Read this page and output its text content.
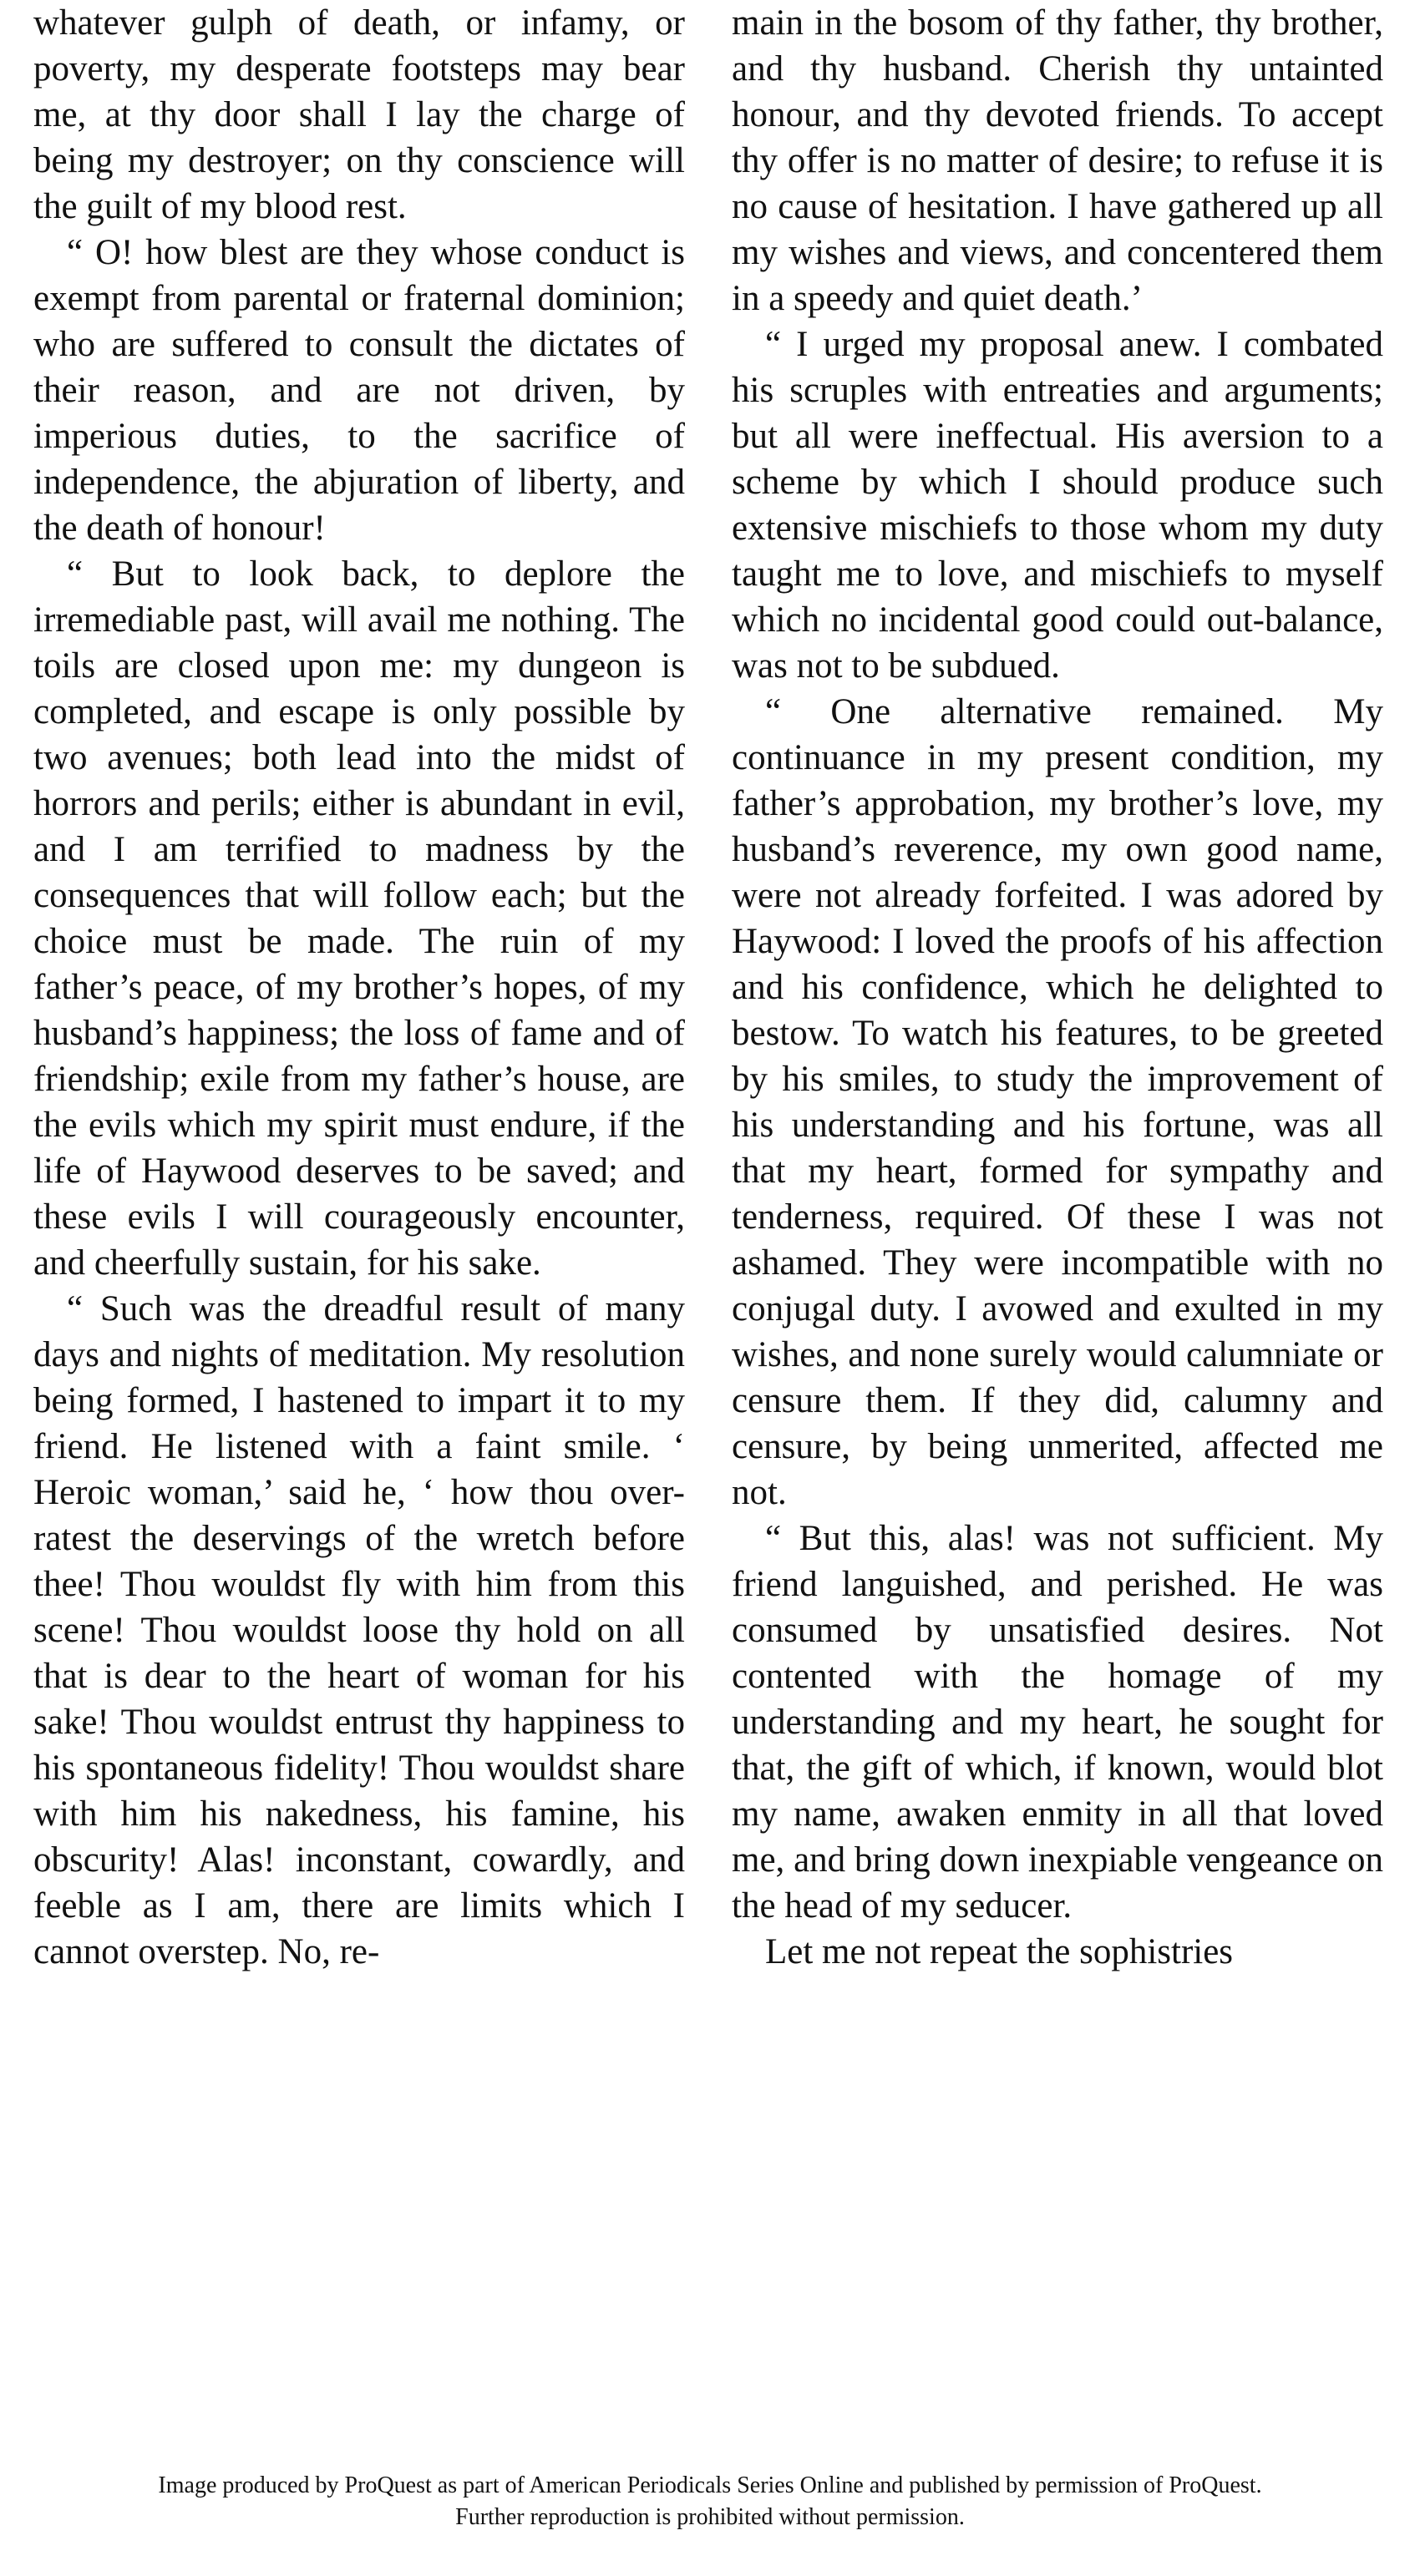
whatever gulph of death, or infamy, or poverty, my desperate footsteps may bear me, at thy door shall I lay the charge of being my destroyer; on thy conscience will the guilt of my blood rest.

“ O! how blest are they whose conduct is exempt from parental or fraternal dominion; who are suffered to consult the dictates of their reason, and are not driven, by imperious duties, to the sacrifice of independence, the abjuration of liberty, and the death of honour!

“ But to look back, to deplore the irremediable past, will avail me nothing. The toils are closed upon me: my dungeon is completed, and escape is only possible by two avenues; both lead into the midst of horrors and perils; either is abundant in evil, and I am terrified to madness by the consequences that will follow each; but the choice must be made. The ruin of my father’s peace, of my brother’s hopes, of my husband’s happiness; the loss of fame and of friendship; exile from my father’s house, are the evils which my spirit must endure, if the life of Haywood deserves to be saved; and these evils I will courageously encounter, and cheerfully sustain, for his sake.

“ Such was the dreadful result of many days and nights of meditation. My resolution being formed, I hastened to impart it to my friend. He listened with a faint smile. ‘ Heroic woman,’ said he, ‘ how thou over-ratest the deservings of the wretch before thee! Thou wouldst fly with him from this scene! Thou wouldst loose thy hold on all that is dear to the heart of woman for his sake! Thou wouldst entrust thy happiness to his spontaneous fidelity! Thou wouldst share with him his nakedness, his famine, his obscurity! Alas! inconstant, cowardly, and feeble as I am, there are limits which I cannot overstep. No, re-

main in the bosom of thy father, thy brother, and thy husband. Cherish thy untainted honour, and thy devoted friends. To accept thy offer is no matter of desire; to refuse it is no cause of hesitation. I have gathered up all my wishes and views, and concentered them in a speedy and quiet death.’

“ I urged my proposal anew. I combated his scruples with entreaties and arguments; but all were ineffectual. His aversion to a scheme by which I should produce such extensive mischiefs to those whom my duty taught me to love, and mischiefs to myself which no incidental good could out-balance, was not to be subdued.

“ One alternative remained. My continuance in my present condition, my father’s approbation, my brother’s love, my husband’s reverence, my own good name, were not already forfeited. I was adored by Haywood: I loved the proofs of his affection and his confidence, which he delighted to bestow. To watch his features, to be greeted by his smiles, to study the improvement of his understanding and his fortune, was all that my heart, formed for sympathy and tenderness, required. Of these I was not ashamed. They were incompatible with no conjugal duty. I avowed and exulted in my wishes, and none surely would calumniate or censure them. If they did, calumny and censure, by being unmerited, affected me not.

“ But this, alas! was not sufficient. My friend languished, and perished. He was consumed by unsatisfied desires. Not contented with the homage of my understanding and my heart, he sought for that, the gift of which, if known, would blot my name, awaken enmity in all that loved me, and bring down inexpiable vengeance on the head of my seducer.

Let me not repeat the sophistries

Image produced by ProQuest as part of American Periodicals Series Online and published by permission of ProQuest.
Further reproduction is prohibited without permission.
